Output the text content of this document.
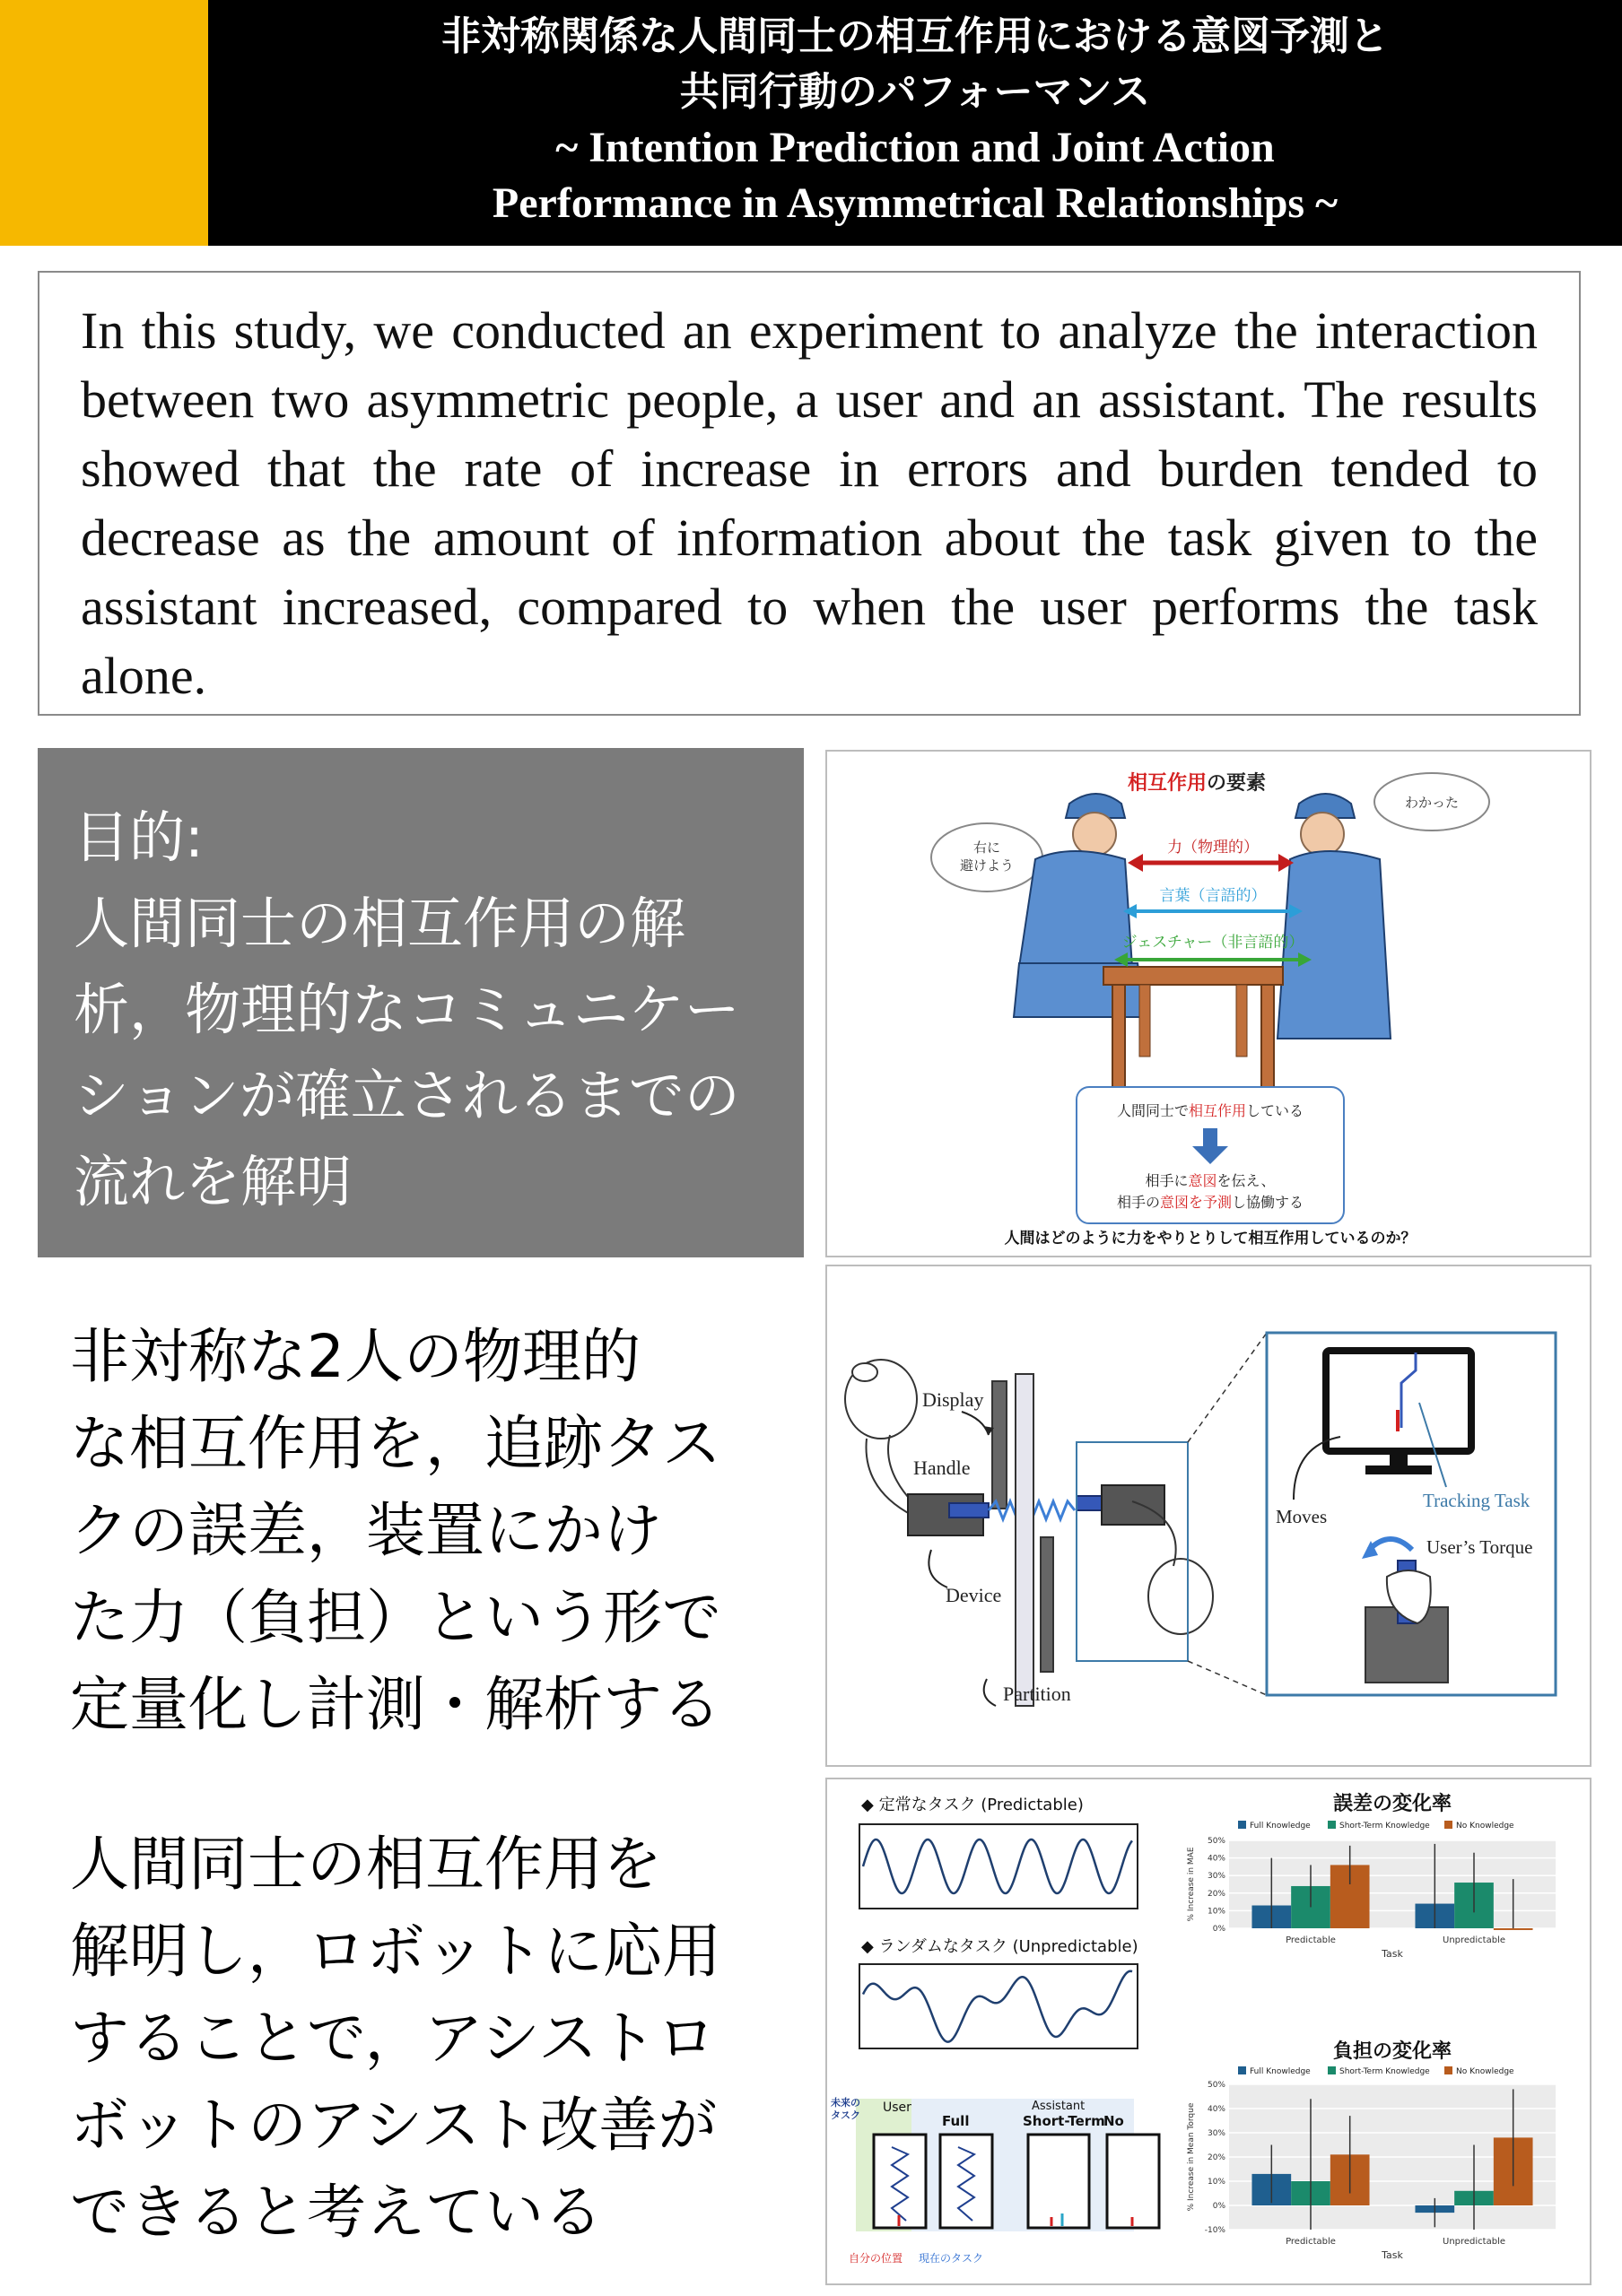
非対称関係な人間同士の相互作用における意図予測と
共同行動のパフォーマンス
~ Intention Prediction and Joint Action
Performance in Asymmetrical Relationships ~
In this study, we conducted an experiment to analyze the interaction between two asymmetric people, a user and an assistant. The results showed that the rate of increase in errors and burden tended to decrease as the amount of information about the task given to the assistant increased, compared to when the user performs the task alone.
目的:
人間同士の相互作用の解析，物理的なコミュニケーションが確立されるまでの流れを解明
非対称な2人の物理的
な相互作用を，追跡タス
クの誤差，装置にかけ
た力（負担）という形で
定量化し計測・解析する
人間同士の相互作用を
解明し，ロボットに応用
することで，アシストロ
ボットのアシスト改善が
できると考えている
相互作用の要素
右に
避けよう
わかった
力（物理的）
言葉（言語的）
ジェスチャー（非言語的）
人間同士で相互作用している
相手に意図を伝え、
相手の意図を予測し協働する
人間はどのように力をやりとりして相互作用しているのか？
Display
Handle
Device
Partition
Tracking Task
Moves
User’s Torque
◆ 定常なタスク (Predictable)
◆ ランダムなタスク (Unpredictable)
未来の
タスク
User	Assistant
Full	Short-Term
No
自分の位置 現在のタスク
誤差の変化率
Full Knowledge	Short-Term Knowledge	No Knowledge
0%
10%
20%
30%
40%
50%
Predictable	Unpredictable
Task
% Increase in MAE
負担の変化率
Full Knowledge	Short-Term Knowledge	No Knowledge
-10%
0%
10%
20%
30%
40%
50%
Predictable	Unpredictable
Task
% Increase in Mean Torque
